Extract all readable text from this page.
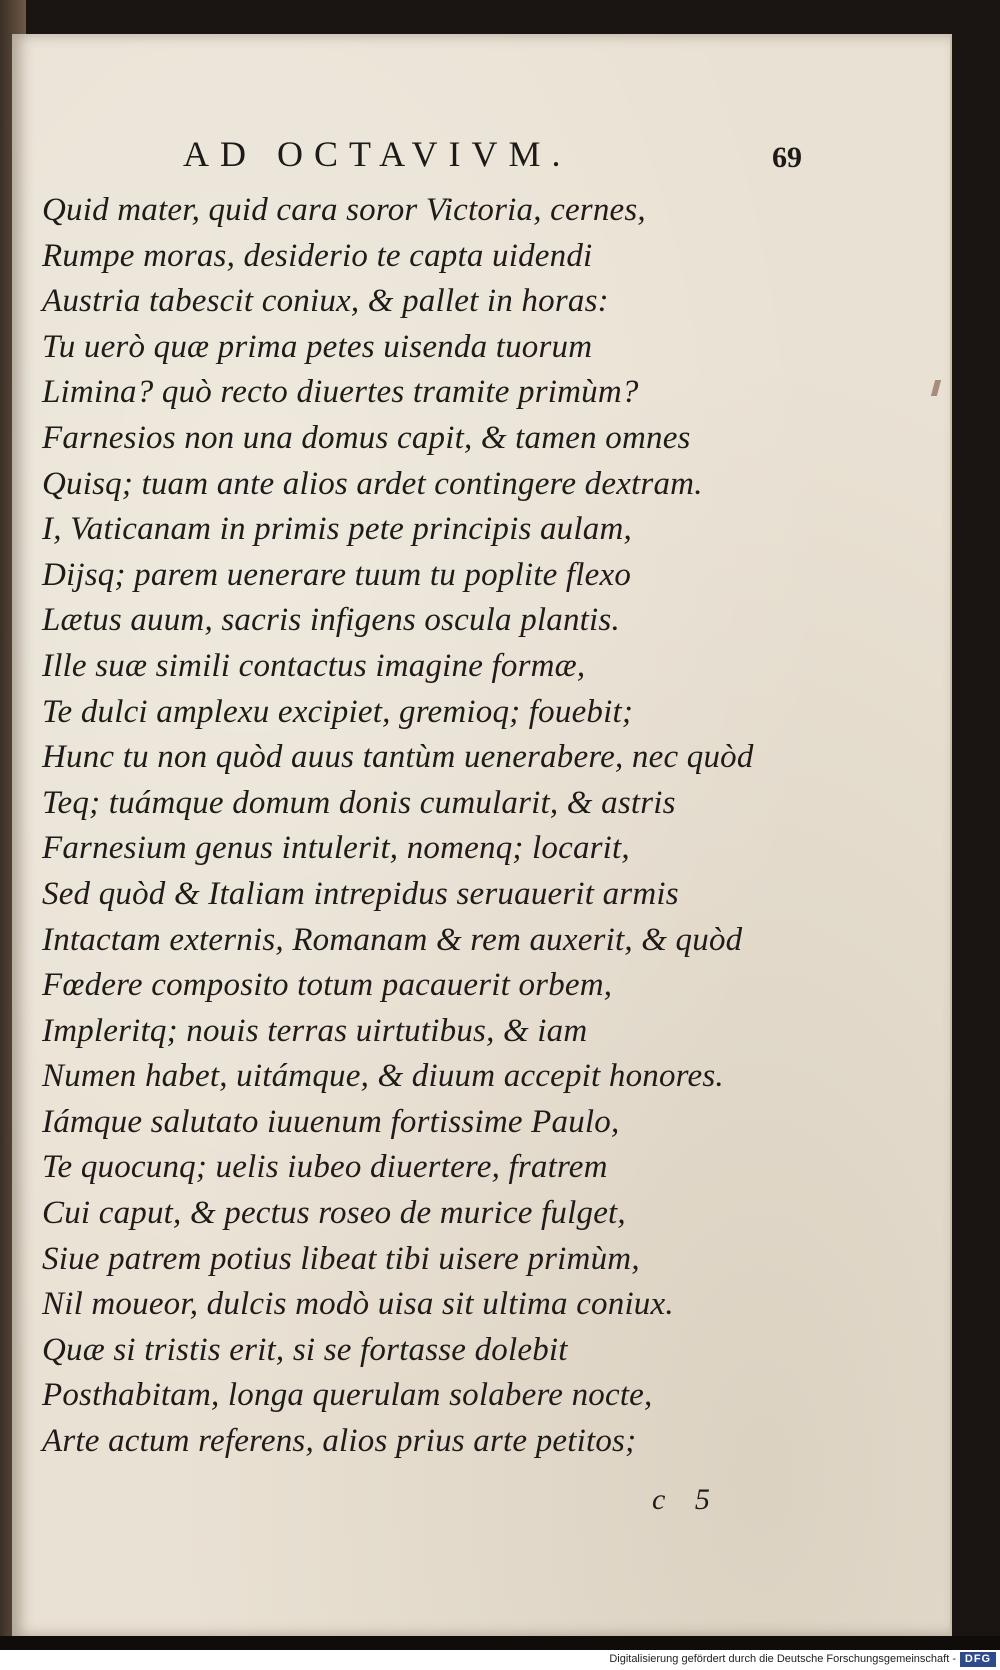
AD OCTAVIVM.	69
Quid mater, quid cara soror Victoria, cernes,
Rumpe moras, desiderio te capta uidendi
Austria tabescit coniux, & pallet in horas:
Tu uerò quæ prima petes uisenda tuorum
Limina? quò recto diuertes tramite primùm?
Farnesios non una domus capit, & tamen omnes
Quisq; tuam ante alios ardet contingere dextram.
I, Vaticanam in primis pete principis aulam,
Dijsq; parem uenerare tuum tu poplite flexo
Lætus auum, sacris infigens oscula plantis.
Ille suæ simili contactus imagine formæ,
Te dulci amplexu excipiet, gremioq; fouebit;
Hunc tu non quòd auus tantùm uenerabere, nec quòd
Teq; tuámque domum donis cumularit, & astris
Farnesium genus intulerit, nomenq; locarit,
Sed quòd & Italiam intrepidus seruauerit armis
Intactam externis, Romanam & rem auxerit, & quòd
Fœdere composito totum pacauerit orbem,
Impleritq; nouis terras uirtutibus, & iam
Numen habet, uitámque, & diuum accepit honores.
Iámque salutato iuuenum fortissime Paulo,
Te quocunq; uelis iubeo diuertere, fratrem
Cui caput, & pectus roseo de murice fulget,
Siue patrem potius libeat tibi uisere primùm,
Nil moueor, dulcis modò uisa sit ultima coniux.
Quæ si tristis erit, si se fortasse dolebit
Posthabitam, longa querulam solabere nocte,
Arte actum referens, alios prius arte petitos;
c 5
Digitalisierung gefördert durch die Deutsche Forschungsgemeinschaft - DFG
